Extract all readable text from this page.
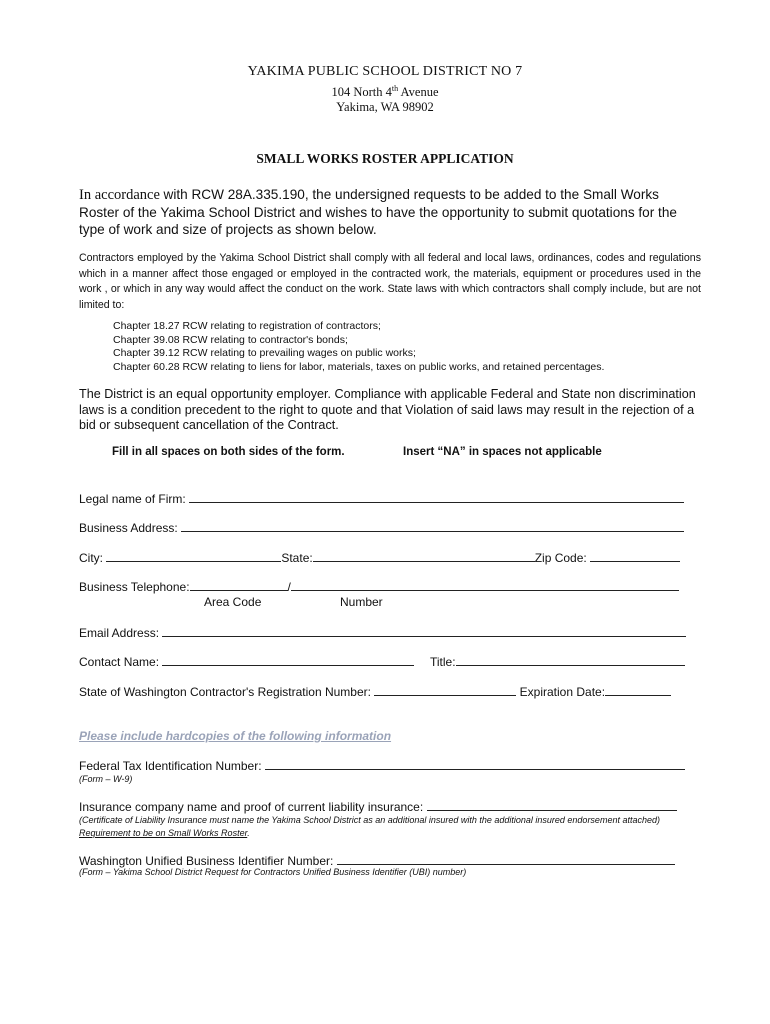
YAKIMA PUBLIC SCHOOL DISTRICT NO 7
104 North 4th Avenue
Yakima, WA 98902
SMALL WORKS ROSTER APPLICATION
In accordance with RCW 28A.335.190, the undersigned requests to be added to the Small Works Roster of the Yakima School District and wishes to have the opportunity to submit quotations for the type of work and size of projects as shown below.
Contractors employed by the Yakima School District shall comply with all federal and local laws, ordinances, codes and regulations which in a manner affect those engaged or employed in the contracted work, the materials, equipment or procedures used in the work , or which in any way would affect the conduct on the work. State laws with which contractors shall comply include, but are not limited to:
Chapter 18.27 RCW relating to registration of contractors;
Chapter 39.08 RCW relating to contractor's bonds;
Chapter 39.12 RCW relating to prevailing wages on public works;
Chapter 60.28 RCW relating to liens for labor, materials, taxes on public works, and retained percentages.
The District is an equal opportunity employer. Compliance with applicable Federal and State non discrimination laws is a condition precedent to the right to quote and that Violation of said laws may result in the rejection of a bid or subsequent cancellation of the Contract.
Fill in all spaces on both sides of the form.	Insert “NA” in spaces not applicable
Legal name of Firm:
Business Address:
City:	State:	Zip Code:
Business Telephone:	/
Area Code	Number
Email Address:
Contact Name:	Title:
State of Washington Contractor's Registration Number:	Expiration Date:
Please include hardcopies of the following information
Federal Tax Identification Number:
(Form – W-9)
Insurance company name and proof of current liability insurance:
(Certificate of Liability Insurance must name the Yakima School District as an additional insured with the additional insured endorsement attached) Requirement to be on Small Works Roster.
Washington Unified Business Identifier Number:
(Form – Yakima School District Request for Contractors Unified Business Identifier (UBI) number)
